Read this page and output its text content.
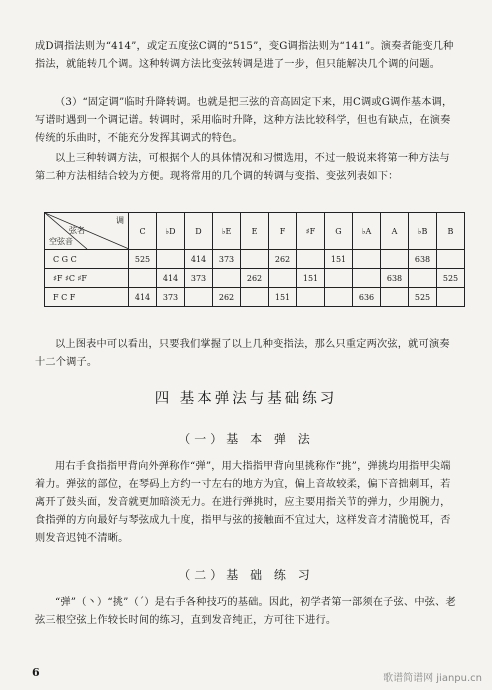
成D调指法则为“414”，或定五度弦C调的“515”，变G调指法则为“141”。演奏者能变几种指法，就能转几个调。这种转调方法比变弦转调是进了一步，但只能解决几个调的问题。

（3）“固定调”临时升降转调。也就是把三弦的音高固定下来，用C调或G调作基本调，写谱时遇到一个调记谱。转调时，采用临时升降，这种方法比较科学，但也有缺点，在演奏传统的乐曲时，不能充分发挥其调式的特色。

以上三种转调方法，可根据个人的具体情况和习惯选用，不过一般说来将第一种方法与第二种方法相结合较为方便。现将常用的几个调的转调与变指、变弦列表如下：

调
弦名
空弦音	C	♭D	D	♭E	E	F	♯F	G	♭A	A	♭B	B
C G C	525		414	373		262		151			638	
♯F ♯C ♯F		414	373		262		151			638		525
F C F	414	373		262		151			636		525	

以上图表中可以看出，只要我们掌握了以上几种变指法，那么只重定两次弦，就可演奏十二个调子。

四 基本弹法与基础练习
（一）基 本 弹 法

用右手食指指甲背向外弹称作“弹”，用大指指甲背向里挑称作“挑”，弹挑均用指甲尖端着力。弹弦的部位，在琴码上方约一寸左右的地方为宜，偏上音故较柔，偏下音拙刺耳，若离开了鼓头面，发音就更加暗淡无力。在进行弹挑时，应主要用指关节的弹力，少用腕力，食指弹的方向最好与琴弦成九十度，指甲与弦的接触面不宜过大，这样发音才清脆悦耳，否则发音迟钝不清晰。

（二）基 础 练 习

“弹”（丶）“挑”（ˊ）是右手各种技巧的基础。因此，初学者第一部须在子弦、中弦、老弦三根空弦上作较长时间的练习，直到发音纯正，方可往下进行。

6	歌谱简谱网 jianpu.cn
